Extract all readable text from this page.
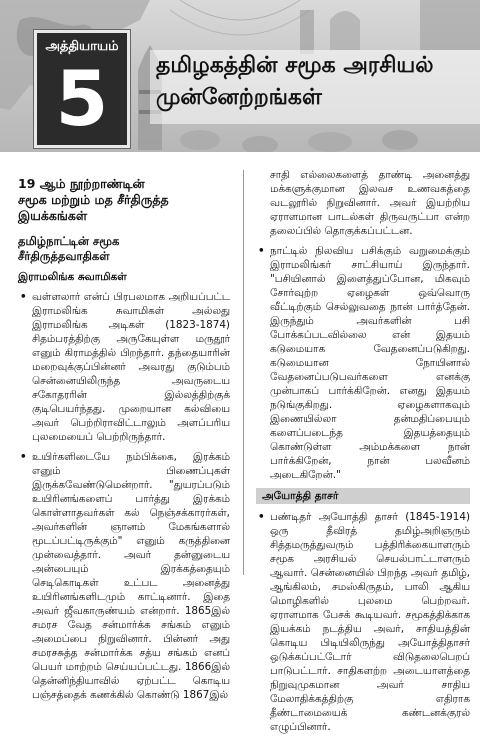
அத்தியாயம்
5	தமிழகத்தின் சமூக அரசியல்
முன்னேற்றங்கள்
19 ஆம் நூற்றாண்டின்
சமூக மற்றும் மத சீர்திருத்த
இயக்கங்கள்
தமிழ்நாட்டின் சமூக
சீர்திருத்தவாதிகள்
இராமலிங்க சுவாமிகள்
• வள்ளலார் என்ப் பிரபலமாக அறியப்பட்ட இராமலிங்க சுவாமிகள் அல்லது இராமலிங்க அடிகள் (1823-1874) சிதம்பரத்திற்கு அருகேயுள்ள மருதூர் எனும் கிராமத்தில் பிறந்தார். தந்தையாரின் மறைவுக்குப்பின்னர் அவரது குடும்பம் சென்னையிலிருந்த அவருடைய சகோதரரின் இல்லத்திற்குக் குடிபெயர்ந்தது. முறையான கல்வியை அவர் பெற்றிராவிட்டாலும் அளப்பரிய புலமையைப் பெற்றிருந்தார்.
• உயிர்களிடையே நம்பிக்கை, இரக்கம் எனும் பிணைப்புகள் இருக்கவேண்டுமென்றார். "துயரப்படும் உயிரினங்களைப் பார்த்து இரக்கம் கொள்ளாதவர்கள் கல் நெஞ்சக்காரர்கள், அவர்களின் ஞானம் மேகங்களால் மூடப்பட்டிருக்கும்" எனும் கருத்தினை முன்வைத்தார். அவர் தன்னுடைய அன்பையும் இரக்கத்தையும் செடிகொடிகள் உட்பட அனைத்து உயிரினங்களிடமும் காட்டினார். இதை அவர் ஜீவகாருண்யம் என்றார். 1865இல் சமரச வேத சன்மார்க்க சங்கம் எனும் அமைப்பை நிறுவினார். பின்னர் அது சமரசசுத்த சன்மார்க்க சத்ய சங்கம் எனப் பெயர் மாற்றம் செய்யப்பட்டது. 1866இல் தென்னிந்தியாவில் ஏற்பட்ட கொடிய பஞ்சத்தைக் கணக்கில் கொண்டு 1867இல்

சாதி எல்லைகளைத் தாண்டி அனைத்து மக்களுக்குமான இலவச உணவகத்தை வடலூரில் நிறுவினார். அவர் இயற்றிய ஏராளமான பாடல்கள் திருவருட்பா என்ற தலைப்பில் தொகுக்கப்பட்டன.

• நாட்டில் நிலவிய பசிக்கும் வறுமைக்கும் இராமலிங்கர் சாட்சியாய் இருந்தார். "பசியினால் இளைத்துப்போன, மிகவும் சோர்வுற்ற ஏழைகள் ஒவ்வொரு வீட்டிற்கும் செல்லுவதை நான் பார்த்தேன். இருந்தும் அவர்களின் பசி போக்கப்படவில்லை என் இதயம் கடுமையாக வேதனைப்படுகிறது. கடுமையான நோயினால் வேதனைப்படுபவர்களை எனக்கு முன்பாகப் பார்க்கிறேன். எனது இதயம் நடுங்குகிறது. ஏழைகளாகவும் இணையில்லா தன்மதிப்பையும் களைப்படைந்த இதயத்தையும் கொண்டுள்ள அம்மக்களை நான் பார்க்கிறேன், நான் பலவீனம் அடைகிறேன்."
அயோத்தி தாசர்
• பண்டிதர் அயோத்தி தாசர் (1845-1914) ஒரு தீவிரத் தமிழ்அறிஞரும் சித்தமருத்துவரும் பத்திரிக்கையாளரும் சமூக அரசியல் செயல்பாட்டாளரும் ஆவார். சென்னையில் பிறந்த அவர் தமிழ், ஆங்கிலம், சமஸ்கிருதம், பாலி ஆகிய மொழிகளில் புலமை பெற்றவர். ஏராளமாக பேசக் கூடியவர். சமூகத்திக்காக இயக்கம் நடத்திய அவர், சாதியத்தின் கொடிய பிடியிலிருந்து அயோத்திதாசர் ஒடுக்கப்பட்டோர் விடுதலைபெறப் பாடுபட்டார். சாதிகளற்ற அடையாளத்தை நிறுவுமுகமான அவர் சாதிய மேலாதிக்கத்திற்கு எதிராக தீண்டாமையைக் கண்டனக்குரல் எழுப்பினார்.
